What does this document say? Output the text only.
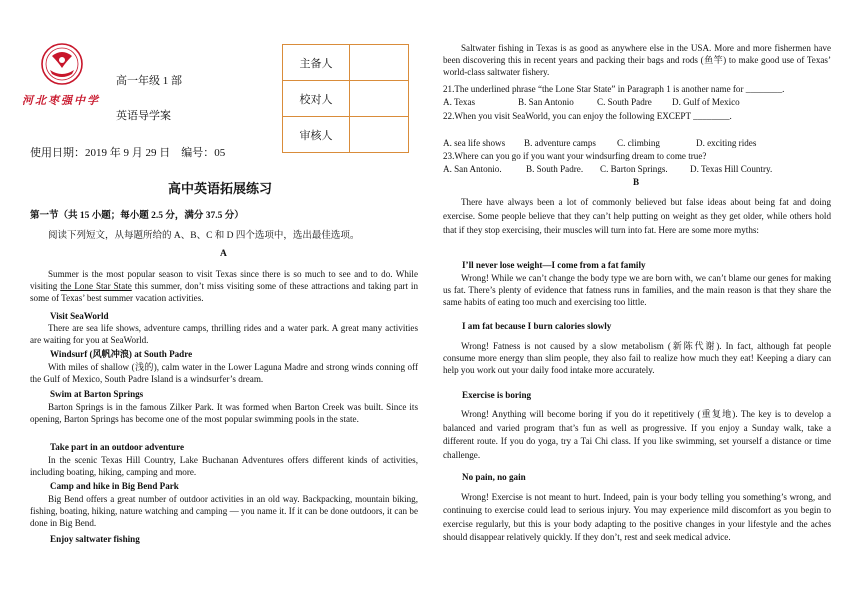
河北枣强中学
高一年级 1 部
英语导学案
使用日期：2019 年 9 月 29 日    编号：05
主备人	
校对人	
审核人	
高中英语拓展练习
第一节（共 15 小题；每小题 2.5 分，满分 37.5 分）
阅读下列短文，从每题所给的 A、B、C 和 D 四个选项中，选出最佳选项。
A

Summer is the most popular season to visit Texas since there is so much to see and to do. While visiting the Lone Star State this summer, don’t miss visiting some of these attractions and taking part in some of Texas’ best summer vacation activities.

Visit SeaWorld

There are sea life shows, adventure camps, thrilling rides and a water park. A great many activities are waiting for you at SeaWorld.

Windsurf (风帆冲浪) at South Padre

With miles of shallow (浅的), calm water in the Lower Laguna Madre and strong winds conning off the Gulf of Mexico, South Padre Island is a windsurfer’s dream.

Swim at Barton Springs

Barton Springs is in the famous Zilker Park. It was formed when Barton Creek was built. Since its opening, Barton Springs has become one of the most popular swimming pools in the state.

Take part in an outdoor adventure

In the scenic Texas Hill Country, Lake Buchanan Adventures offers different kinds of activities, including boating, hiking, camping and more.

Camp and hike in Big Bend Park

Big Bend offers a great number of outdoor activities in an old way. Backpacking, mountain biking, fishing, boating, hiking, nature watching and camping — you name it. If it can be done outdoors, it can be done in Big Bend.

Enjoy saltwater fishing

Saltwater fishing in Texas is as good as anywhere else in the USA. More and more fishermen have been discovering this in recent years and packing their bags and rods (鱼竿) to make good use of Texas’ world-class saltwater fishery.

21.The underlined phrase “the Lone Star State” in Paragraph 1 is another name for ________.
A. Texas	B. San Antonio	C. South Padre D. Gulf of Mexico
22.When you visit SeaWorld, you can enjoy the following EXCEPT ________.
A. sea life shows B. adventure camps C. climbing	D. exciting rides
23.Where can you go if you want your windsurfing dream to come true?
A. San Antonio.	B. South Padre. C. Barton Springs. D. Texas Hill Country.
B

There have always been a lot of commonly believed but false ideas about being fat and doing exercise. Some people believe that they can’t help putting on weight as they get older, while others hold that if they stop exercising, their muscles will turn into fat. Here are some more myths:

I’ll never lose weight—I come from a fat family

Wrong! While we can’t change the body type we are born with, we can’t blame our genes for making us fat. There’s plenty of evidence that fatness runs in families, and the main reason is that they share the same habits of eating too much and exercising too little.

I am fat because I burn calories slowly

Wrong! Fatness is not caused by a slow metabolism (新陈代谢). In fact, although fat people consume more energy than slim people, they also fail to realize how much they eat! Keeping a diary can help you work out your daily food intake more accurately.

Exercise is boring

Wrong! Anything will become boring if you do it repetitively (重复地). The key is to develop a balanced and varied program that’s fun as well as progressive. If you enjoy a Sunday walk, take a different route. If you do yoga, try a Tai Chi class. If you like swimming, set yourself a distance or time challenge.

No pain, no gain

Wrong! Exercise is not meant to hurt. Indeed, pain is your body telling you something’s wrong, and continuing to exercise could lead to serious injury. You may experience mild discomfort as you begin to exercise regularly, but this is your body adapting to the positive changes in your lifestyle and the aches should disappear relatively quickly. If they don’t, rest and seek medical advice.
